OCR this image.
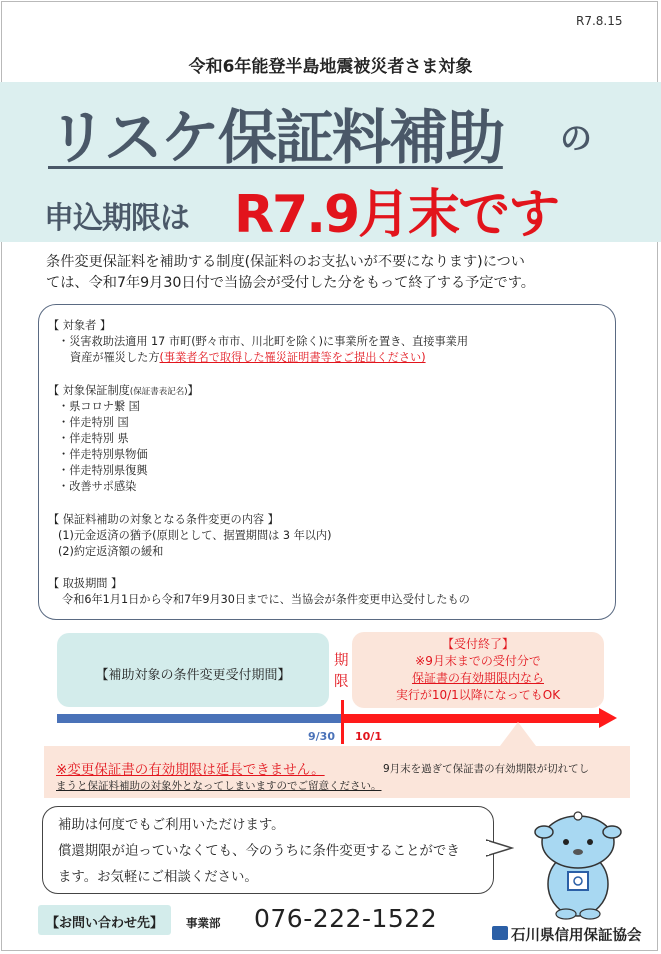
R7.8.15
令和6年能登半島地震被災者さま対象
リスケ保証料補助 の
申込期限は R7.9月末です
条件変更保証料を補助する制度(保証料のお支払いが不要になります)につい
ては、令和7年9月30日付で当協会が受付した分をもって終了する予定です。
【 対象者 】
・災害救助法適用 17 市町(野々市市、川北町を除く)に事業所を置き、直接事業用
資産が罹災した方(事業者名で取得した罹災証明書等をご提出ください)
【 対象保証制度(保証書表記名)】
・県コロナ繋 国
・伴走特別 国
・伴走特別 県
・伴走特別県物価
・伴走特別県復興
・改善サポ感染
【 保証料補助の対象となる条件変更の内容 】
(1)元金返済の猶予(原則として、据置期間は 3 年以内)
(2)約定返済額の緩和
【 取扱期間 】
令和6年1月1日から令和7年9月30日までに、当協会が条件変更申込受付したもの
【補助対象の条件変更受付期間】
期
限
【受付終了】
※9月末までの受付分で
保証書の有効期限内なら
実行が10/1以降になってもOK
9/30 10/1
※変更保証書の有効期限は延長できません。	9月末を過ぎて保証書の有効期限が切れてし
まうと保証料補助の対象外となってしまいますのでご留意ください。
補助は何度でもご利用いただけます。
償還期限が迫っていなくても、今のうちに条件変更することができ
ます。お気軽にご相談ください。
【お問い合わせ先】	事業部 076-222-1522
石川県信用保証協会
